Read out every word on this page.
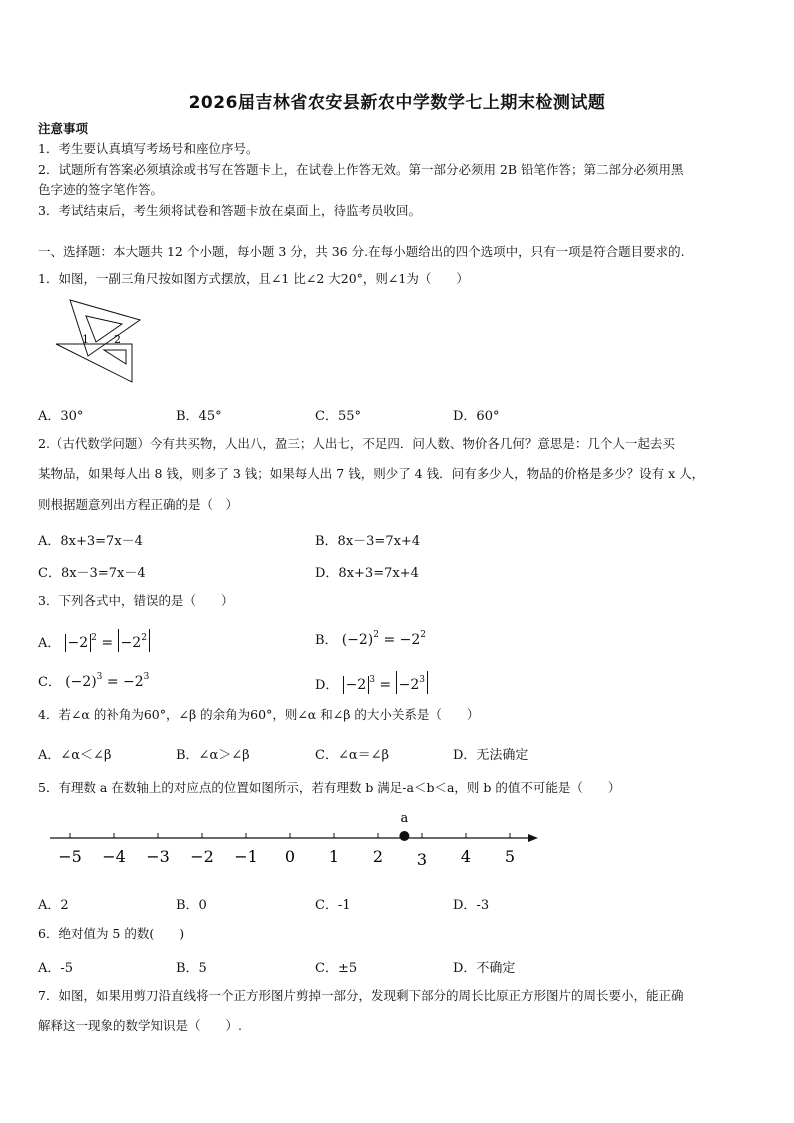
2026届吉林省农安县新农中学数学七上期末检测试题
注意事项
1．考生要认真填写考场号和座位序号。
2．试题所有答案必须填涂或书写在答题卡上，在试卷上作答无效。第一部分必须用 2B 铅笔作答；第二部分必须用黑
色字迹的签字笔作答。
3．考试结束后，考生须将试卷和答题卡放在桌面上，待监考员收回。
一、选择题：本大题共 12 个小题，每小题 3 分，共 36 分.在每小题给出的四个选项中，只有一项是符合题目要求的.
1．如图，一副三角尺按如图方式摆放，且∠1 比∠2 大20°，则∠1为（　　）
1 2
A．30°	B．45°	C．55°	D．60°
2.（古代数学问题）今有共买物，人出八，盈三；人出七，不足四．问人数、物价各几何？意思是：几个人一起去买
某物品，如果每人出 8 钱，则多了 3 钱；如果每人出 7 钱，则少了 4 钱．问有多少人，物品的价格是多少？设有 x 人，
则根据题意列出方程正确的是（　）
A．8x+3=7x－4	B．8x－3=7x+4
C．8x－3=7x－4	D．8x+3=7x+4
3．下列各式中，错误的是（　　）
A． −2 $^2 = -2^2$	B． $(-2)^2 = -2^2$
C． $(-2)^3 = -2^3$
D． −2 $^3 = -2^3$
4．若∠α 的补角为60°，∠β 的余角为60°，则∠α 和∠β 的大小关系是（　　）
A．∠α＜∠β	B．∠α＞∠β	C．∠α＝∠β	D．无法确定
5．有理数 a 在数轴上的对应点的位置如图所示，若有理数 b 满足-a＜b＜a，则 b 的值不可能是（　　）
−5 −4 −3 −2 −1 0 1 2 3 4 5
a
A．2	B．0	C．-1	D．-3
6．绝对值为 5 的数(　　)
A．-5	B．5	C．±5	D．不确定
7．如图，如果用剪刀沿直线将一个正方形图片剪掉一部分，发现剩下部分的周长比原正方形图片的周长要小，能正确
解释这一现象的数学知识是（　　）.
